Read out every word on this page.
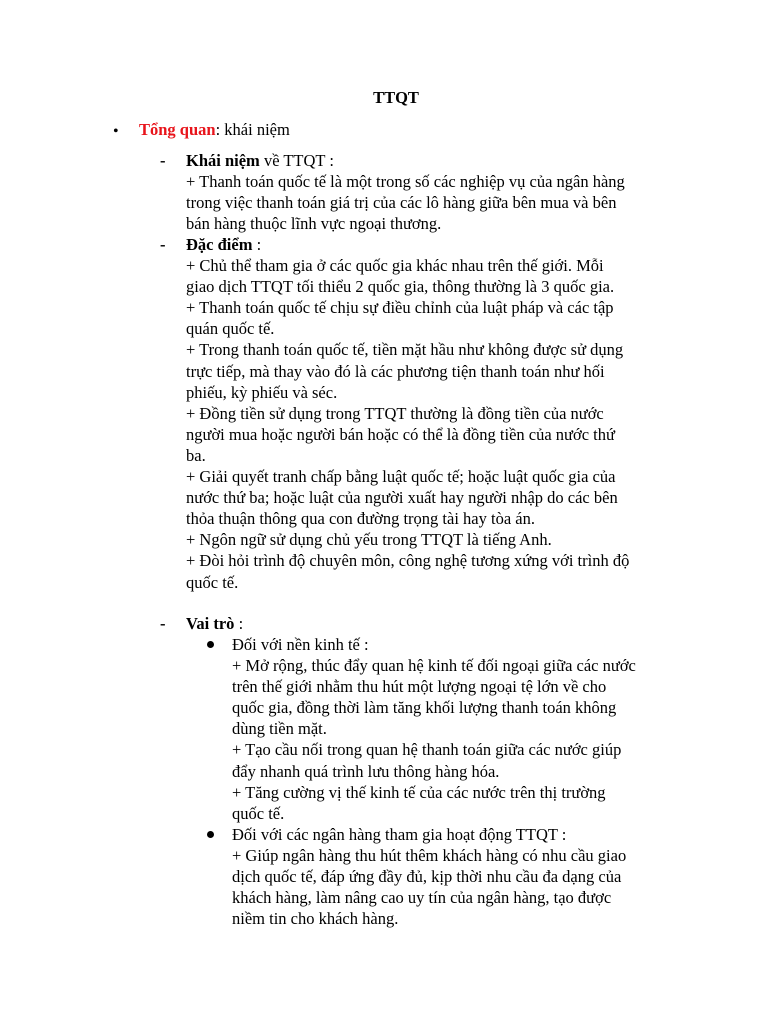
TTQT
• Tổng quan: khái niệm
- Khái niệm về TTQT :
+ Thanh toán quốc tế là một trong số các nghiệp vụ của ngân hàng
trong việc thanh toán giá trị của các lô hàng giữa bên mua và bên
bán hàng thuộc lĩnh vực ngoại thương.
- Đặc điểm :
+ Chủ thể tham gia ở các quốc gia khác nhau trên thế giới. Mỗi
giao dịch TTQT tối thiểu 2 quốc gia, thông thường là 3 quốc gia.
+ Thanh toán quốc tế chịu sự điều chỉnh của luật pháp và các tập
quán quốc tế.
+ Trong thanh toán quốc tế, tiền mặt hầu như không được sử dụng
trực tiếp, mà thay vào đó là các phương tiện thanh toán như hối
phiếu, kỳ phiếu và séc.
+ Đồng tiền sử dụng trong TTQT thường là đồng tiền của nước
người mua hoặc người bán hoặc có thể là đồng tiền của nước thứ
ba.
+ Giải quyết tranh chấp bằng luật quốc tế; hoặc luật quốc gia của
nước thứ ba; hoặc luật của người xuất hay người nhập do các bên
thỏa thuận thông qua con đường trọng tài hay tòa án.
+ Ngôn ngữ sử dụng chủ yếu trong TTQT là tiếng Anh.
+ Đòi hỏi trình độ chuyên môn, công nghệ tương xứng với trình độ
quốc tế.
- Vai trò :
Đối với nền kinh tế :
+ Mở rộng, thúc đẩy quan hệ kinh tế đối ngoại giữa các nước
trên thế giới nhằm thu hút một lượng ngoại tệ lớn về cho
quốc gia, đồng thời làm tăng khối lượng thanh toán không
dùng tiền mặt.
+ Tạo cầu nối trong quan hệ thanh toán giữa các nước giúp
đẩy nhanh quá trình lưu thông hàng hóa.
+ Tăng cường vị thế kinh tế của các nước trên thị trường
quốc tế.
Đối với các ngân hàng tham gia hoạt động TTQT :
+ Giúp ngân hàng thu hút thêm khách hàng có nhu cầu giao
dịch quốc tế, đáp ứng đầy đủ, kịp thời nhu cầu đa dạng của
khách hàng, làm nâng cao uy tín của ngân hàng, tạo được
niềm tin cho khách hàng.
